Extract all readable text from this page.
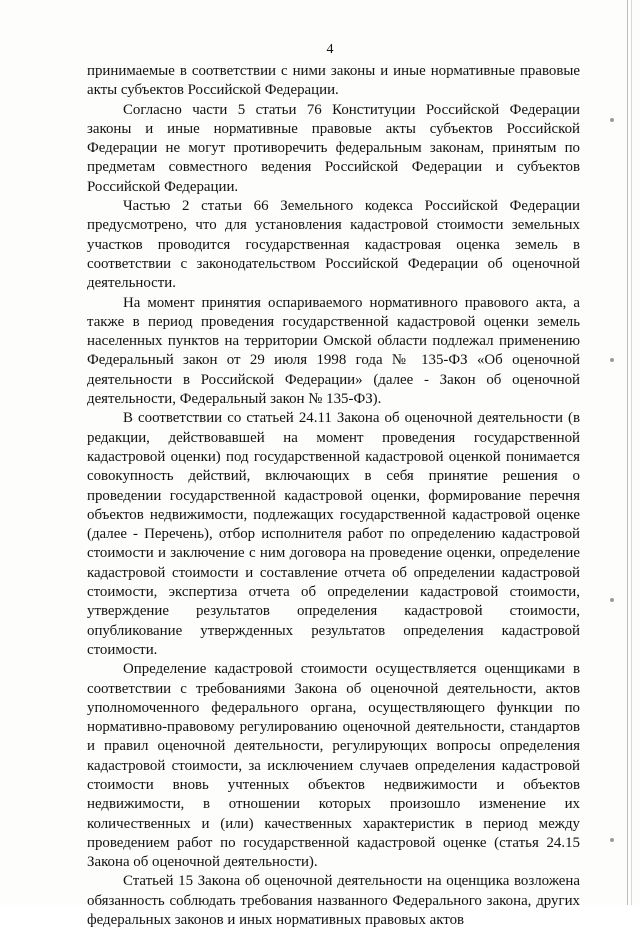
4

принимаемые в соответствии с ними законы и иные нормативные правовые акты субъектов Российской Федерации.

Согласно части 5 статьи 76 Конституции Российской Федерации законы и иные нормативные правовые акты субъектов Российской Федерации не могут противоречить федеральным законам, принятым по предметам совместного ведения Российской Федерации и субъектов Российской Федерации.

Частью 2 статьи 66 Земельного кодекса Российской Федерации предусмотрено, что для установления кадастровой стоимости земельных участков проводится государственная кадастровая оценка земель в соответствии с законодательством Российской Федерации об оценочной деятельности.

На момент принятия оспариваемого нормативного правового акта, а также в период проведения государственной кадастровой оценки земель населенных пунктов на территории Омской области подлежал применению Федеральный закон от 29 июля 1998 года № 135-ФЗ «Об оценочной деятельности в Российской Федерации» (далее - Закон об оценочной деятельности, Федеральный закон № 135-ФЗ).

В соответствии со статьей 24.11 Закона об оценочной деятельности (в редакции, действовавшей на момент проведения государственной кадастровой оценки) под государственной кадастровой оценкой понимается совокупность действий, включающих в себя принятие решения о проведении государственной кадастровой оценки, формирование перечня объектов недвижимости, подлежащих государственной кадастровой оценке (далее - Перечень), отбор исполнителя работ по определению кадастровой стоимости и заключение с ним договора на проведение оценки, определение кадастровой стоимости и составление отчета об определении кадастровой стоимости, экспертиза отчета об определении кадастровой стоимости, утверждение результатов определения кадастровой стоимости, опубликование утвержденных результатов определения кадастровой стоимости.

Определение кадастровой стоимости осуществляется оценщиками в соответствии с требованиями Закона об оценочной деятельности, актов уполномоченного федерального органа, осуществляющего функции по нормативно-правовому регулированию оценочной деятельности, стандартов и правил оценочной деятельности, регулирующих вопросы определения кадастровой стоимости, за исключением случаев определения кадастровой стоимости вновь учтенных объектов недвижимости и объектов недвижимости, в отношении которых произошло изменение их количественных и (или) качественных характеристик в период между проведением работ по государственной кадастровой оценке (статья 24.15 Закона об оценочной деятельности).

Статьей 15 Закона об оценочной деятельности на оценщика возложена обязанность соблюдать требования названного Федерального закона, других федеральных законов и иных нормативных правовых актов
